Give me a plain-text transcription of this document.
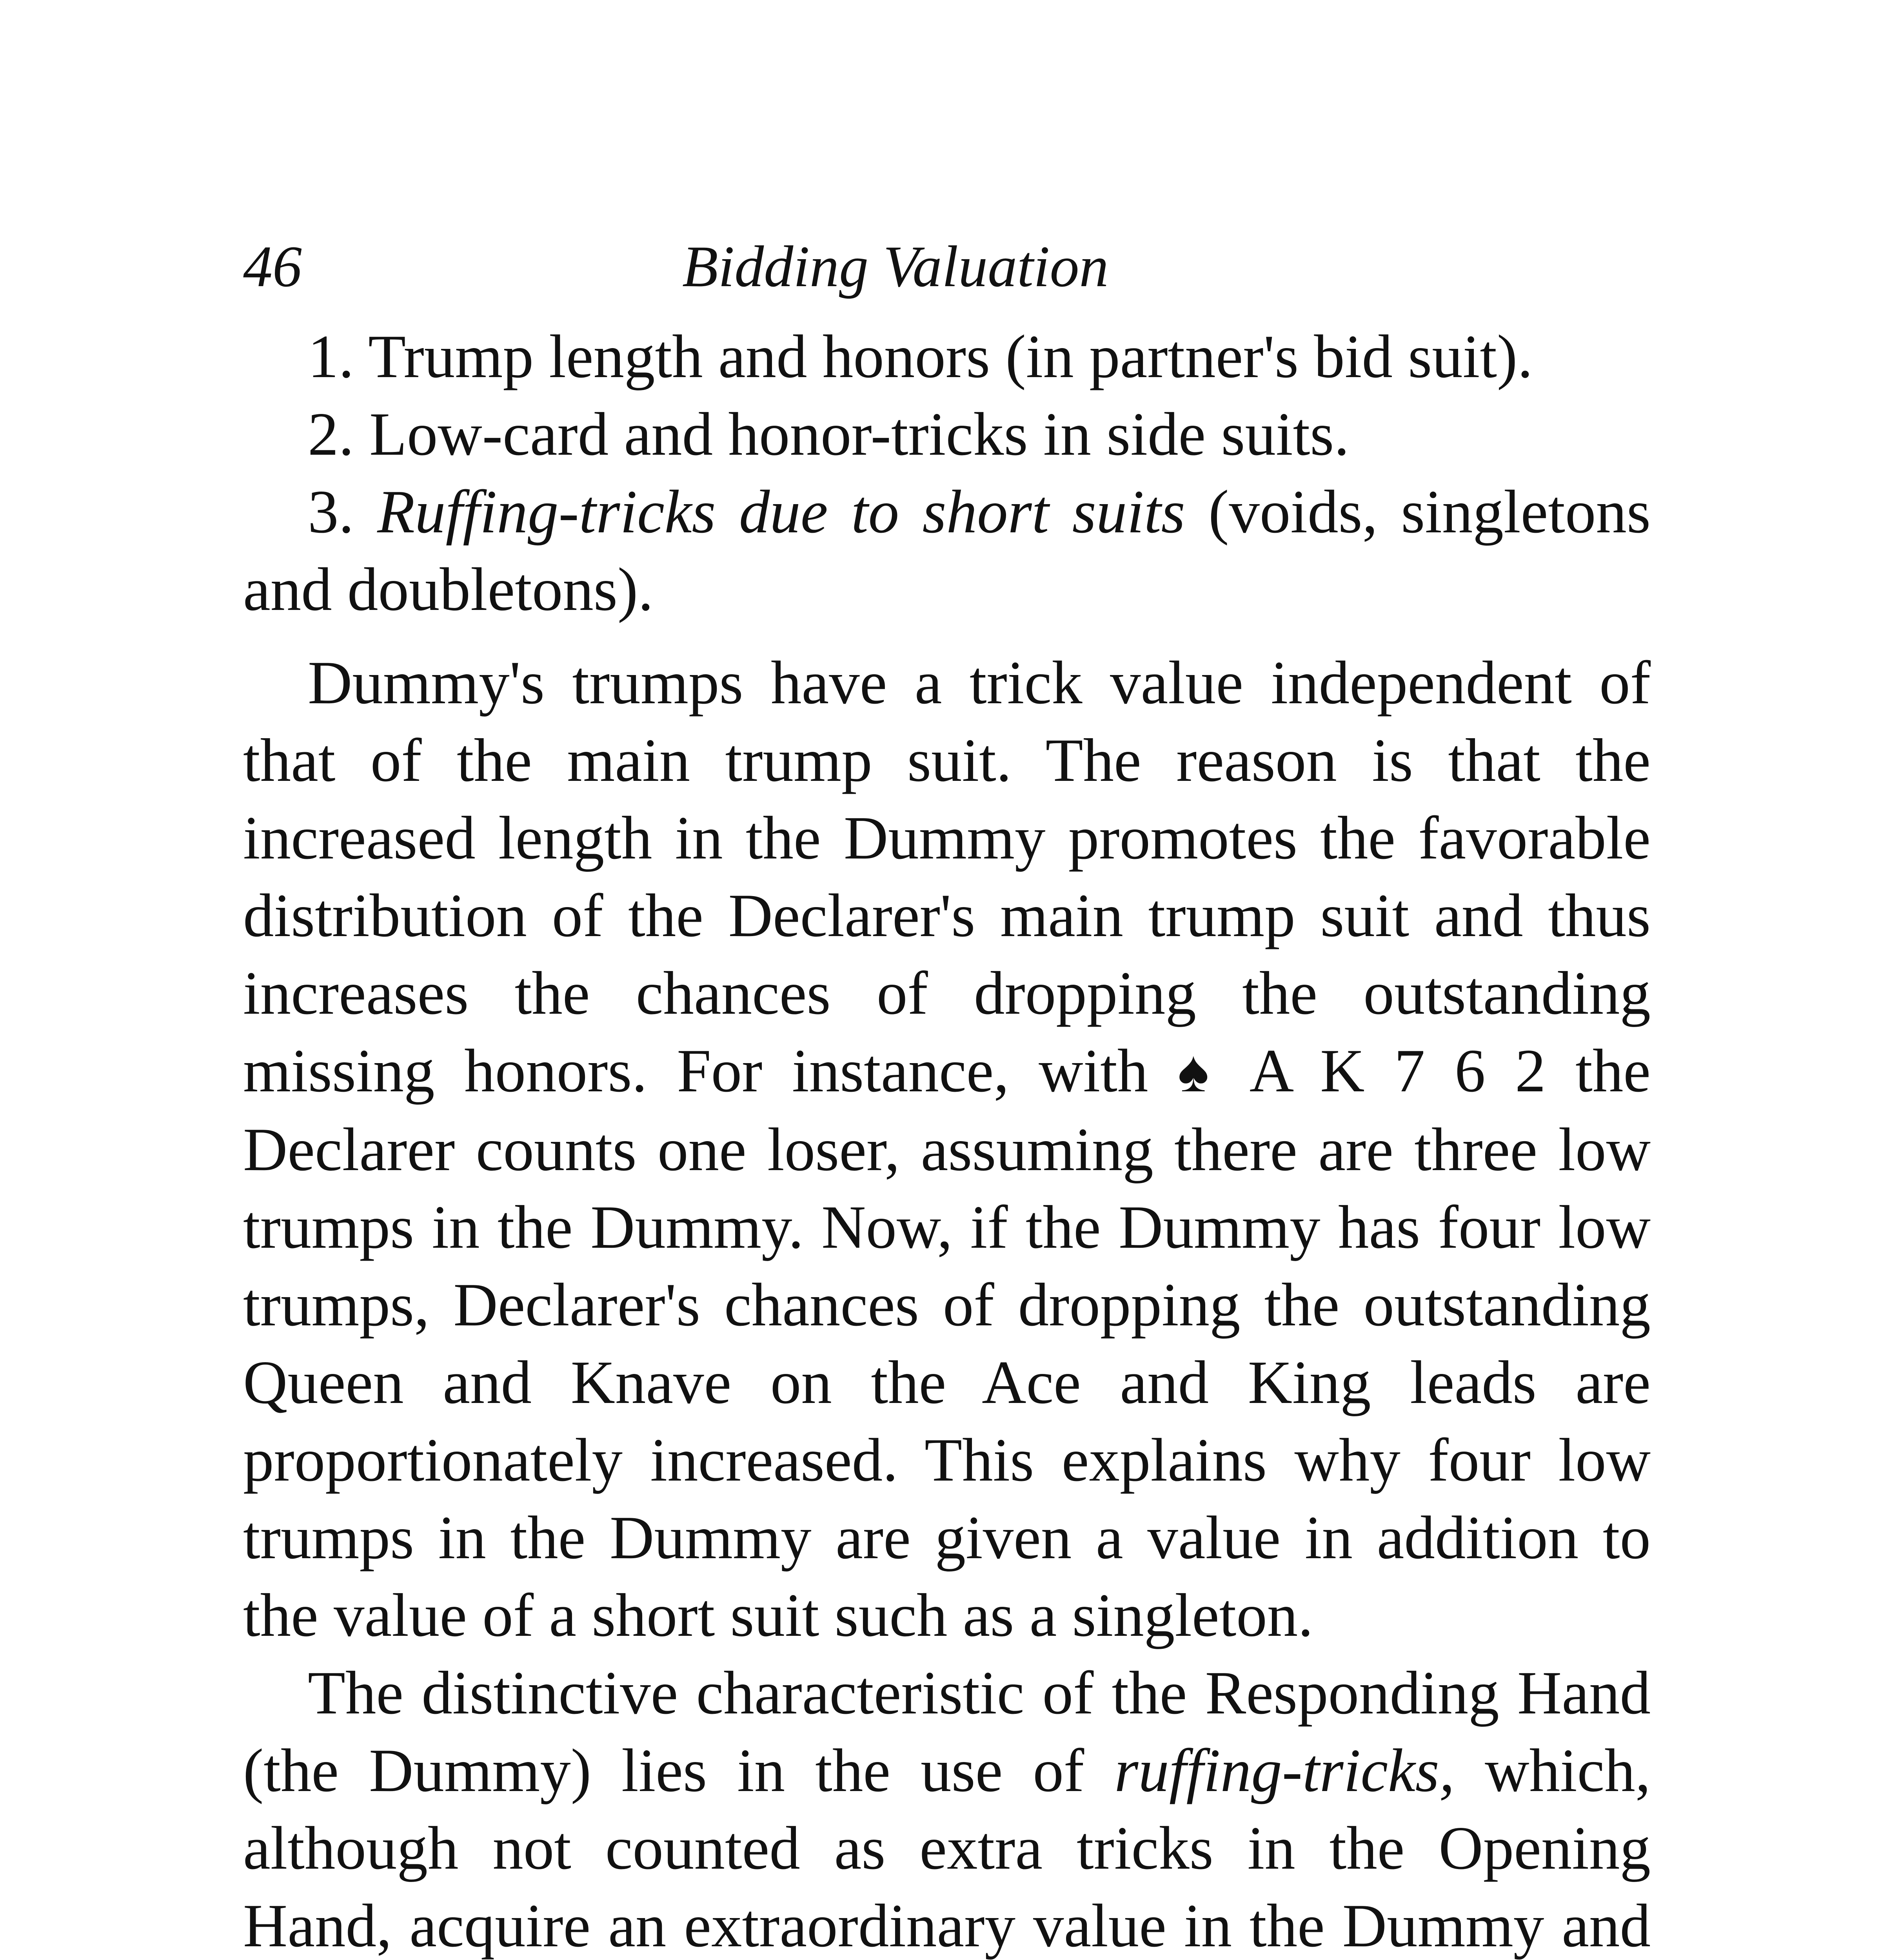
46	Bidding Valuation

1. Trump length and honors (in partner's bid suit).

2. Low-card and honor-tricks in side suits.

3. Ruffing-tricks due to short suits (voids, singletons and doubletons).

Dummy's trumps have a trick value independent of that of the main trump suit. The reason is that the increased length in the Dummy promotes the favorable distribution of the Declarer's main trump suit and thus increases the chances of dropping the outstanding missing honors. For instance, with ♠ A K 7 6 2 the Declarer counts one loser, assuming there are three low trumps in the Dummy. Now, if the Dummy has four low trumps, Declarer's chances of dropping the outstanding Queen and Knave on the Ace and King leads are proportionately increased. This explains why four low trumps in the Dummy are given a value in addition to the value of a short suit such as a singleton.

The distinctive characteristic of the Responding Hand (the Dummy) lies in the use of ruffing-tricks, which, although not counted as extra tricks in the Opening Hand, acquire an extraordinary value in the Dummy and
